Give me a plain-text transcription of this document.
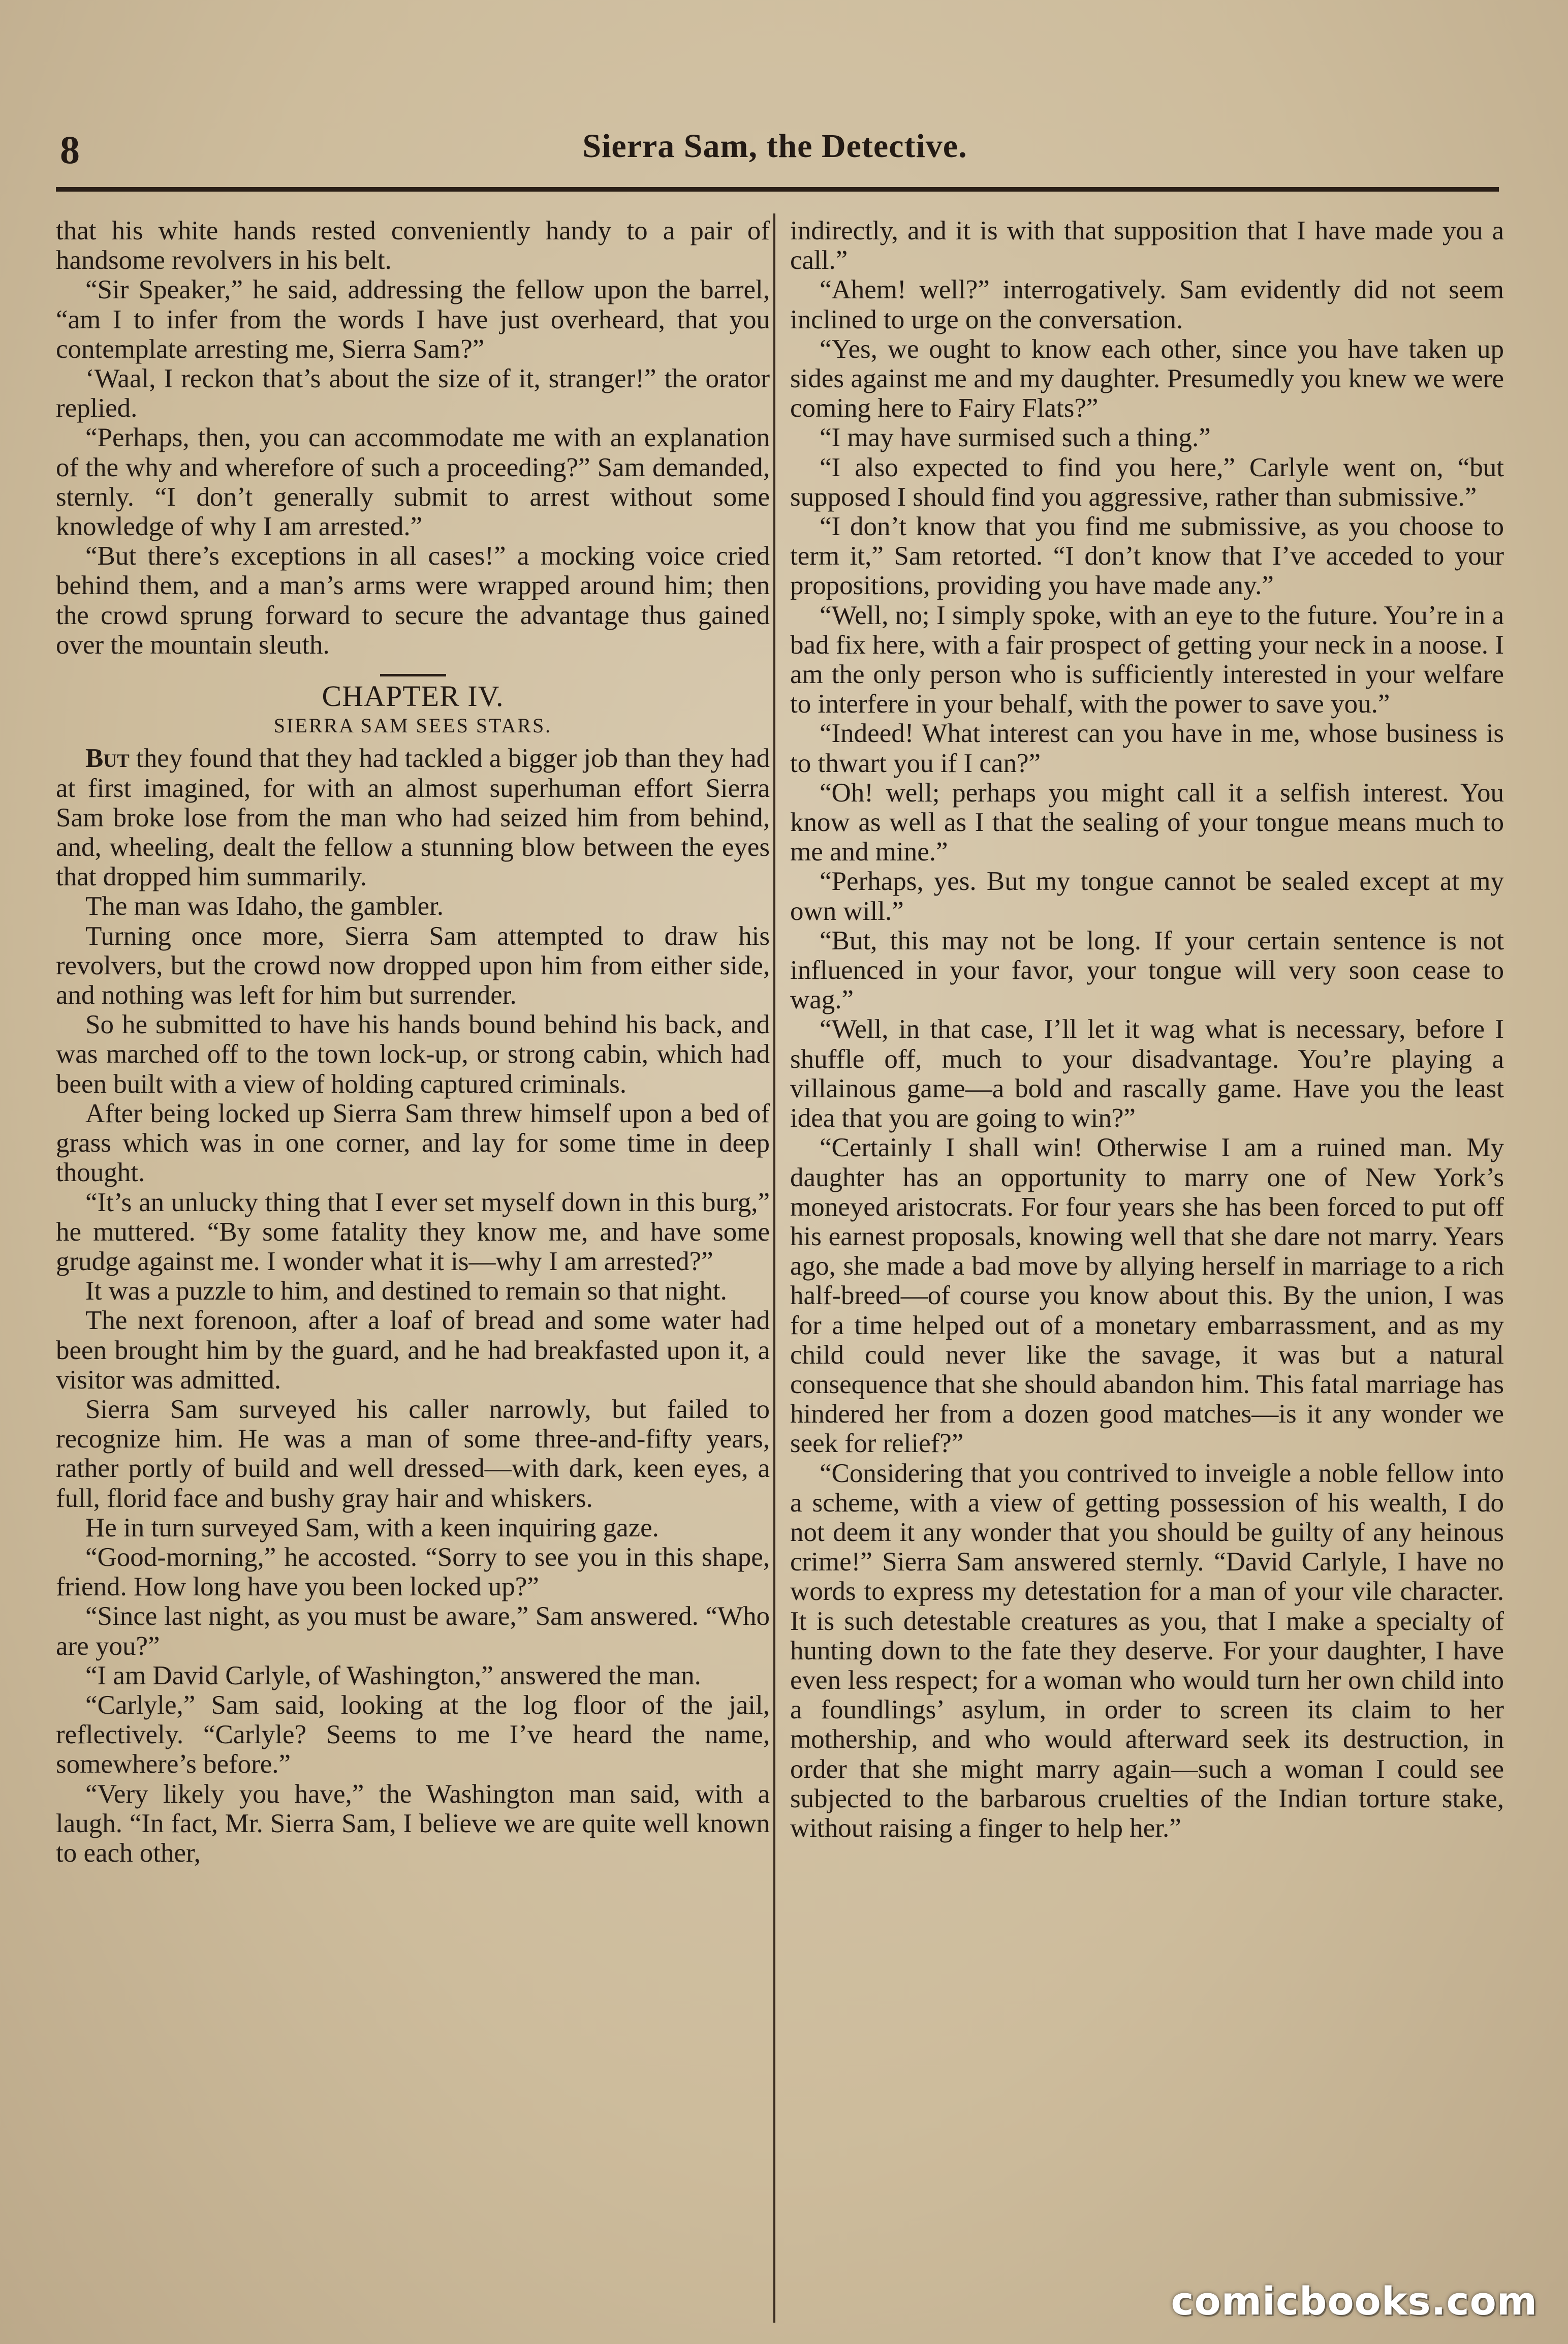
8	Sierra Sam, the Detective.

that his white hands rested conveniently handy to a pair of handsome revolvers in his belt.

“Sir Speaker,” he said, addressing the fellow upon the barrel, “am I to infer from the words I have just overheard, that you contemplate arresting me, Sierra Sam?”

‘Waal, I reckon that’s about the size of it, stranger!” the orator replied.

“Perhaps, then, you can accommodate me with an explanation of the why and wherefore of such a proceeding?” Sam demanded, sternly. “I don’t generally submit to arrest without some knowledge of why I am arrested.”

“But there’s exceptions in all cases!” a mocking voice cried behind them, and a man’s arms were wrapped around him; then the crowd sprung forward to secure the advantage thus gained over the mountain sleuth.

CHAPTER IV.
SIERRA SAM SEES STARS.

But they found that they had tackled a bigger job than they had at first imagined, for with an almost superhuman effort Sierra Sam broke lose from the man who had seized him from behind, and, wheeling, dealt the fellow a stunning blow between the eyes that dropped him summarily.

The man was Idaho, the gambler.

Turning once more, Sierra Sam attempted to draw his revolvers, but the crowd now dropped upon him from either side, and nothing was left for him but surrender.

So he submitted to have his hands bound behind his back, and was marched off to the town lock-up, or strong cabin, which had been built with a view of holding captured criminals.

After being locked up Sierra Sam threw himself upon a bed of grass which was in one corner, and lay for some time in deep thought.

“It’s an unlucky thing that I ever set myself down in this burg,” he muttered. “By some fatality they know me, and have some grudge against me. I wonder what it is—why I am arrested?”

It was a puzzle to him, and destined to remain so that night.

The next forenoon, after a loaf of bread and some water had been brought him by the guard, and he had breakfasted upon it, a visitor was admitted.

Sierra Sam surveyed his caller narrowly, but failed to recognize him. He was a man of some three-and-fifty years, rather portly of build and well dressed—with dark, keen eyes, a full, florid face and bushy gray hair and whiskers.

He in turn surveyed Sam, with a keen inquiring gaze.

“Good-morning,” he accosted. “Sorry to see you in this shape, friend. How long have you been locked up?”

“Since last night, as you must be aware,” Sam answered. “Who are you?”

“I am David Carlyle, of Washington,” answered the man.

“Carlyle,” Sam said, looking at the log floor of the jail, reflectively. “Carlyle? Seems to me I’ve heard the name, somewhere’s before.”

“Very likely you have,” the Washington man said, with a laugh. “In fact, Mr. Sierra Sam, I believe we are quite well known to each other,

indirectly, and it is with that supposition that I have made you a call.”

“Ahem! well?” interrogatively. Sam evidently did not seem inclined to urge on the conversation.

“Yes, we ought to know each other, since you have taken up sides against me and my daughter. Presumedly you knew we were coming here to Fairy Flats?”

“I may have surmised such a thing.”

“I also expected to find you here,” Carlyle went on, “but supposed I should find you aggressive, rather than submissive.”

“I don’t know that you find me submissive, as you choose to term it,” Sam retorted. “I don’t know that I’ve acceded to your propositions, providing you have made any.”

“Well, no; I simply spoke, with an eye to the future. You’re in a bad fix here, with a fair prospect of getting your neck in a noose. I am the only person who is sufficiently interested in your welfare to interfere in your behalf, with the power to save you.”

“Indeed! What interest can you have in me, whose business is to thwart you if I can?”

“Oh! well; perhaps you might call it a selfish interest. You know as well as I that the sealing of your tongue means much to me and mine.”

“Perhaps, yes. But my tongue cannot be sealed except at my own will.”

“But, this may not be long. If your certain sentence is not influenced in your favor, your tongue will very soon cease to wag.”

“Well, in that case, I’ll let it wag what is necessary, before I shuffle off, much to your disadvantage. You’re playing a villainous game—a bold and rascally game. Have you the least idea that you are going to win?”

“Certainly I shall win! Otherwise I am a ruined man. My daughter has an opportunity to marry one of New York’s moneyed aristocrats. For four years she has been forced to put off his earnest proposals, knowing well that she dare not marry. Years ago, she made a bad move by allying herself in marriage to a rich half-breed—of course you know about this. By the union, I was for a time helped out of a monetary embarrassment, and as my child could never like the savage, it was but a natural consequence that she should abandon him. This fatal marriage has hindered her from a dozen good matches—is it any wonder we seek for relief?”

“Considering that you contrived to inveigle a noble fellow into a scheme, with a view of getting possession of his wealth, I do not deem it any wonder that you should be guilty of any heinous crime!” Sierra Sam answered sternly. “David Carlyle, I have no words to express my detestation for a man of your vile character. It is such detestable creatures as you, that I make a specialty of hunting down to the fate they deserve. For your daughter, I have even less respect; for a woman who would turn her own child into a foundlings’ asylum, in order to screen its claim to her mothership, and who would afterward seek its destruction, in order that she might marry again—such a woman I could see subjected to the barbarous cruelties of the Indian torture stake, without raising a finger to help her.”

comicbooks.com
